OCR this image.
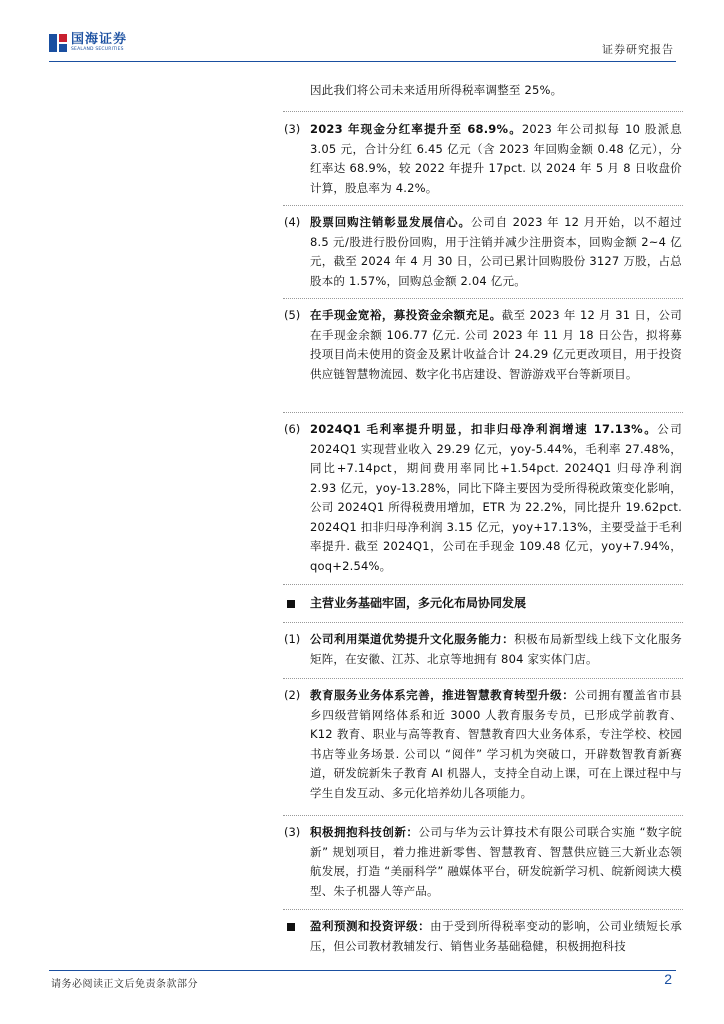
国海证券
SEALAND SECURITIES	证券研究报告
因此我们将公司未来适用所得税率调整至 25%。
(3) 2023 年现金分红率提升至 68.9%。2023 年公司拟每 10 股派息 3.05 元，合计分红 6.45 亿元（含 2023 年回购金额 0.48 亿元），分红率达 68.9%，较 2022 年提升 17pct. 以 2024 年 5 月 8 日收盘价计算，股息率为 4.2%。
(4) 股票回购注销彰显发展信心。公司自 2023 年 12 月开始，以不超过 8.5 元/股进行股份回购，用于注销并减少注册资本，回购金额 2~4 亿元，截至 2024 年 4 月 30 日，公司已累计回购股份 3127 万股，占总股本的 1.57%，回购总金额 2.04 亿元。
(5) 在手现金宽裕，募投资金余额充足。截至 2023 年 12 月 31 日，公司在手现金余额 106.77 亿元. 公司 2023 年 11 月 18 日公告，拟将募投项目尚未使用的资金及累计收益合计 24.29 亿元更改项目，用于投资供应链智慧物流园、数字化书店建设、智游游戏平台等新项目。
(6) 2024Q1 毛利率提升明显，扣非归母净利润增速 17.13%。公司 2024Q1 实现营业收入 29.29 亿元，yoy-5.44%，毛利率 27.48%，同比+7.14pct，期间费用率同比+1.54pct. 2024Q1 归母净利润 2.93 亿元，yoy-13.28%，同比下降主要因为受所得税政策变化影响，公司 2024Q1 所得税费用增加，ETR 为 22.2%，同比提升 19.62pct. 2024Q1 扣非归母净利润 3.15 亿元，yoy+17.13%，主要受益于毛利率提升. 截至 2024Q1，公司在手现金 109.48 亿元，yoy+7.94%，qoq+2.54%。
主营业务基础牢固，多元化布局协同发展
(1) 公司利用渠道优势提升文化服务能力：积极布局新型线上线下文化服务矩阵，在安徽、江苏、北京等地拥有 804 家实体门店。
(2) 教育服务业务体系完善，推进智慧教育转型升级：公司拥有覆盖省市县乡四级营销网络体系和近 3000 人教育服务专员，已形成学前教育、K12 教育、职业与高等教育、智慧教育四大业务体系，专注学校、校园书店等业务场景. 公司以 “阅伴” 学习机为突破口，开辟数智教育新赛道，研发皖新朱子教育 AI 机器人，支持全自动上课，可在上课过程中与学生自发互动、多元化培养幼儿各项能力。
(3) 积极拥抱科技创新：公司与华为云计算技术有限公司联合实施 “数字皖新” 规划项目，着力推进新零售、智慧教育、智慧供应链三大新业态领航发展，打造 “美丽科学” 融媒体平台，研发皖新学习机、皖新阅读大模型、朱子机器人等产品。
盈利预测和投资评级：由于受到所得税率变动的影响，公司业绩短长承压，但公司教材教辅发行、销售业务基础稳健，积极拥抱科技
请务必阅读正文后免责条款部分	2
